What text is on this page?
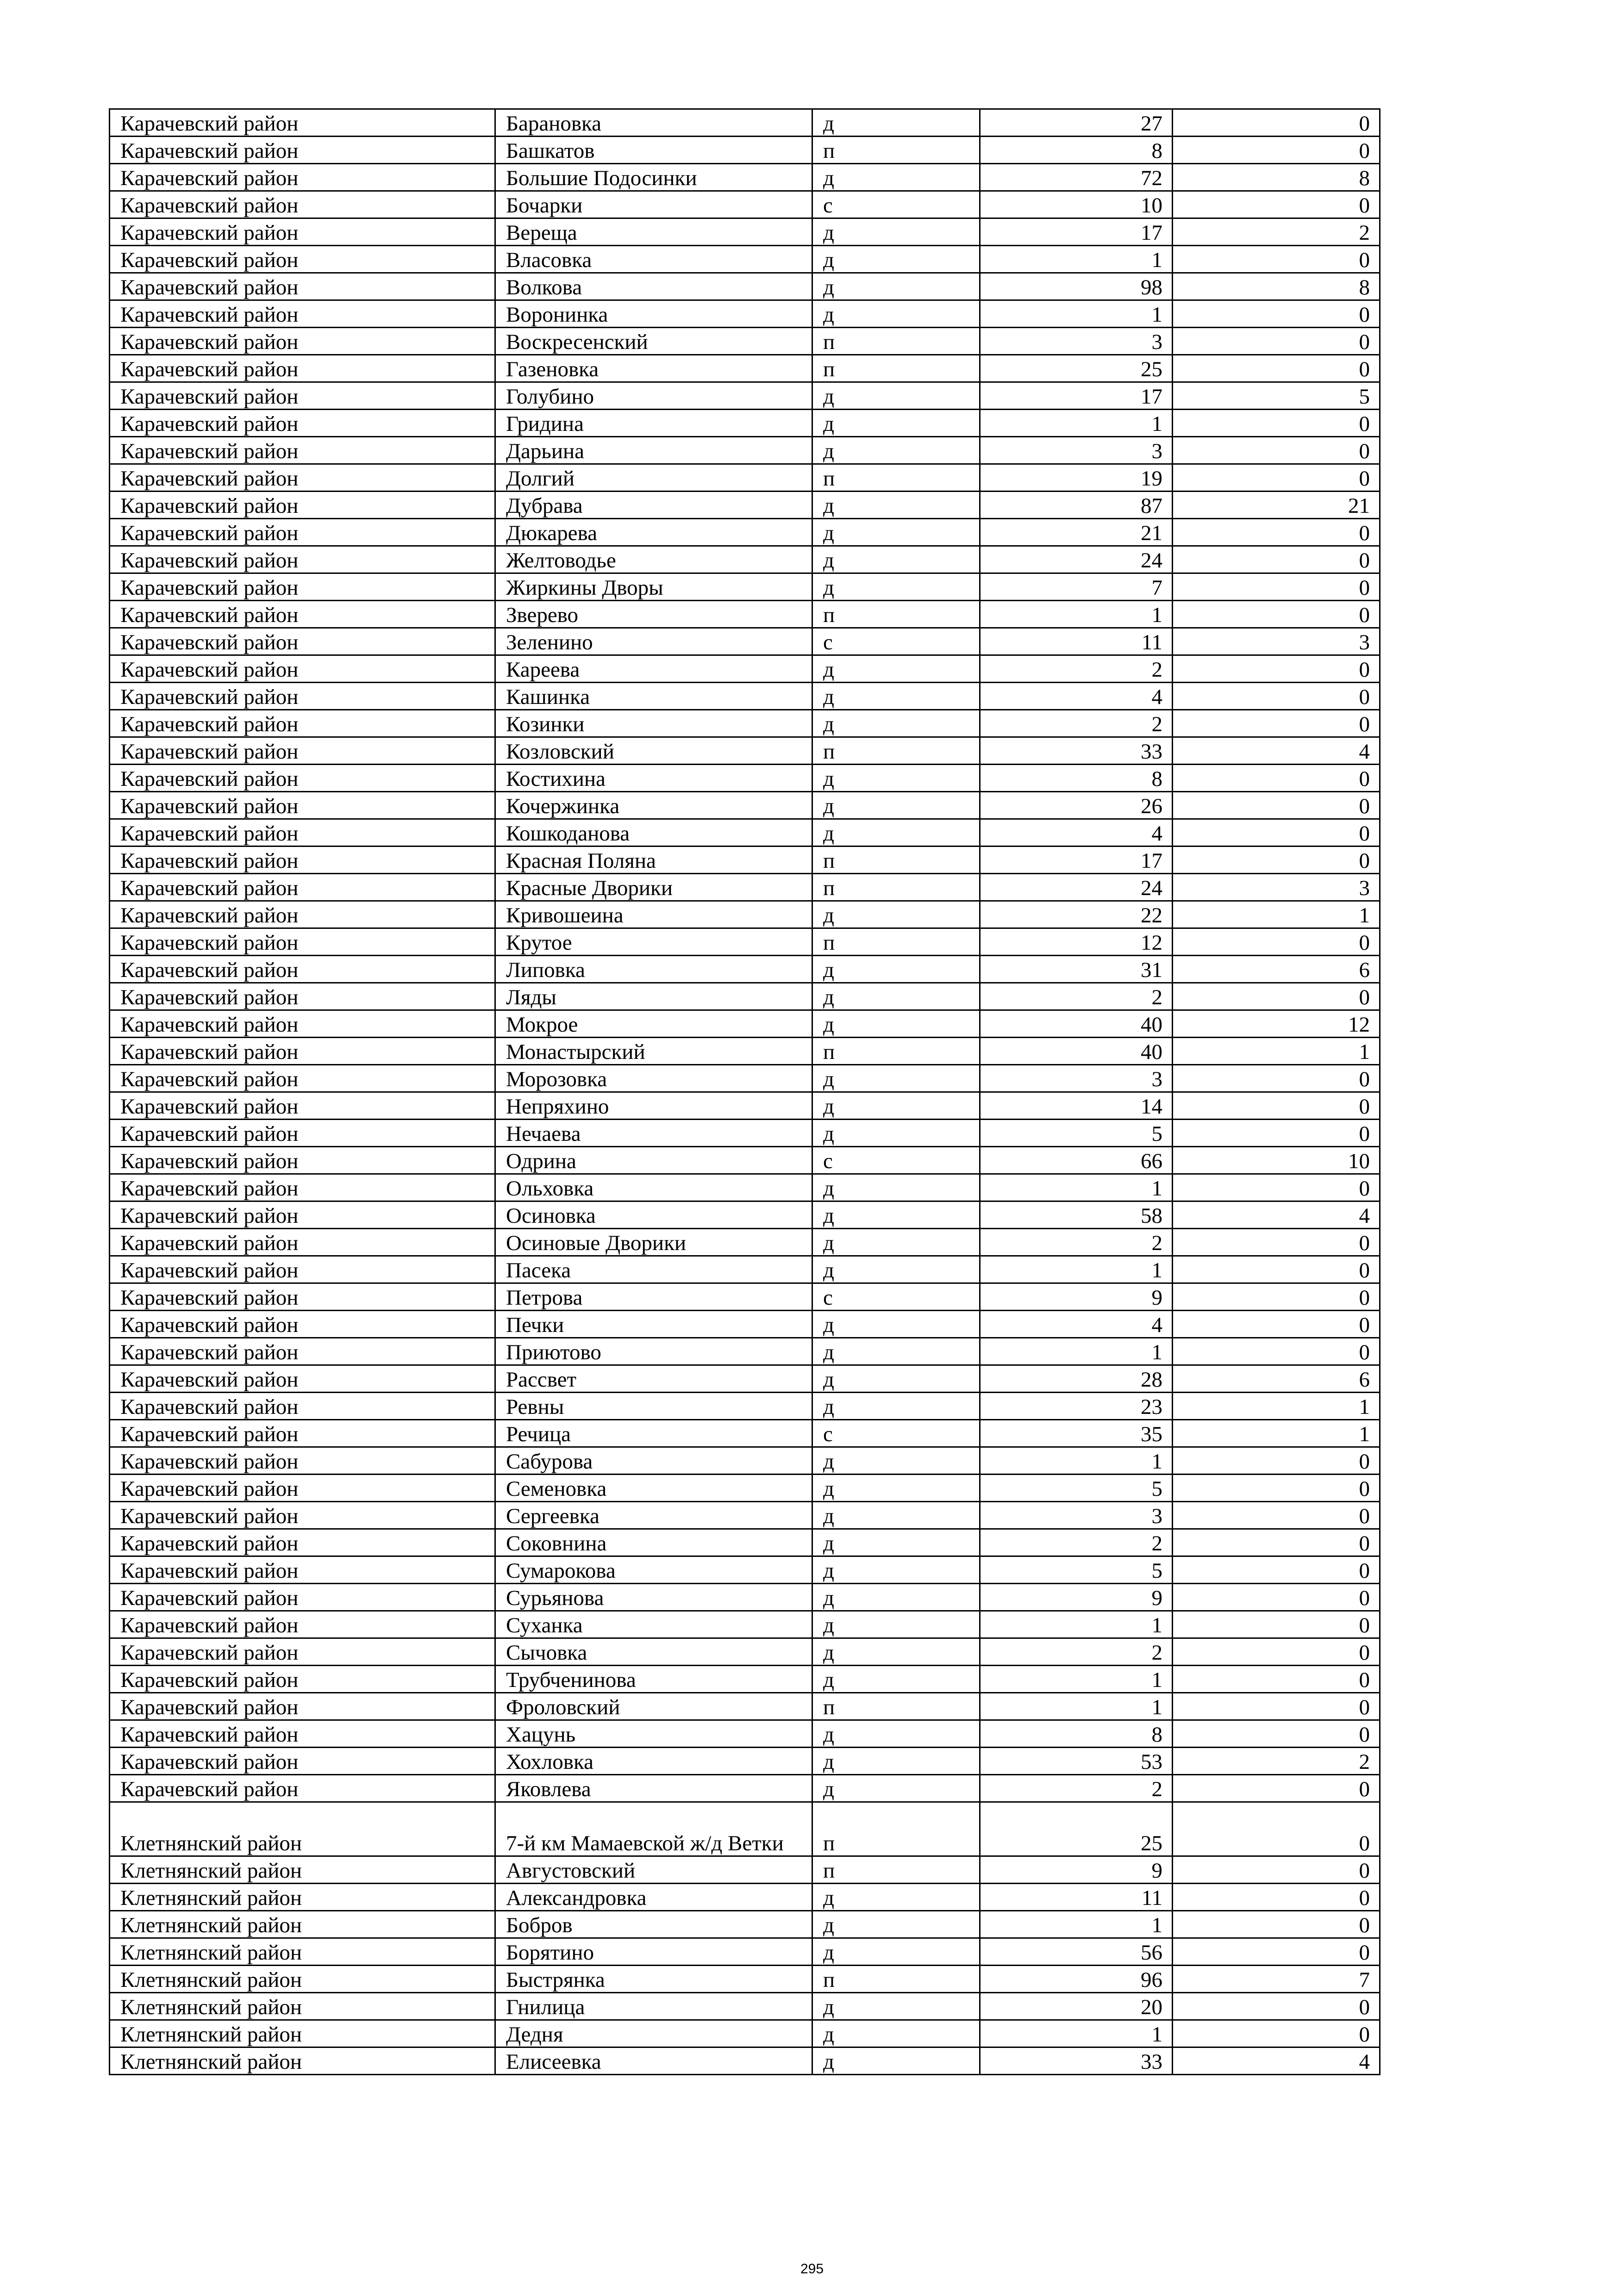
Карачевский район	Барановка	д	27	0
Карачевский район	Башкатов	п	8	0
Карачевский район	Большие Подосинки	д	72	8
Карачевский район	Бочарки	с	10	0
Карачевский район	Вереща	д	17	2
Карачевский район	Власовка	д	1	0
Карачевский район	Волкова	д	98	8
Карачевский район	Воронинка	д	1	0
Карачевский район	Воскресенский	п	3	0
Карачевский район	Газеновка	п	25	0
Карачевский район	Голубино	д	17	5
Карачевский район	Гридина	д	1	0
Карачевский район	Дарьина	д	3	0
Карачевский район	Долгий	п	19	0
Карачевский район	Дубрава	д	87	21
Карачевский район	Дюкарева	д	21	0
Карачевский район	Желтоводье	д	24	0
Карачевский район	Жиркины Дворы	д	7	0
Карачевский район	Зверево	п	1	0
Карачевский район	Зеленино	с	11	3
Карачевский район	Кареева	д	2	0
Карачевский район	Кашинка	д	4	0
Карачевский район	Козинки	д	2	0
Карачевский район	Козловский	п	33	4
Карачевский район	Костихина	д	8	0
Карачевский район	Кочержинка	д	26	0
Карачевский район	Кошкоданова	д	4	0
Карачевский район	Красная Поляна	п	17	0
Карачевский район	Красные Дворики	п	24	3
Карачевский район	Кривошеина	д	22	1
Карачевский район	Крутое	п	12	0
Карачевский район	Липовка	д	31	6
Карачевский район	Ляды	д	2	0
Карачевский район	Мокрое	д	40	12
Карачевский район	Монастырский	п	40	1
Карачевский район	Морозовка	д	3	0
Карачевский район	Непряхино	д	14	0
Карачевский район	Нечаева	д	5	0
Карачевский район	Одрина	с	66	10
Карачевский район	Ольховка	д	1	0
Карачевский район	Осиновка	д	58	4
Карачевский район	Осиновые Дворики	д	2	0
Карачевский район	Пасека	д	1	0
Карачевский район	Петрова	с	9	0
Карачевский район	Печки	д	4	0
Карачевский район	Приютово	д	1	0
Карачевский район	Рассвет	д	28	6
Карачевский район	Ревны	д	23	1
Карачевский район	Речица	с	35	1
Карачевский район	Сабурова	д	1	0
Карачевский район	Семеновка	д	5	0
Карачевский район	Сергеевка	д	3	0
Карачевский район	Соковнина	д	2	0
Карачевский район	Сумарокова	д	5	0
Карачевский район	Сурьянова	д	9	0
Карачевский район	Суханка	д	1	0
Карачевский район	Сычовка	д	2	0
Карачевский район	Трубченинова	д	1	0
Карачевский район	Фроловский	п	1	0
Карачевский район	Хацунь	д	8	0
Карачевский район	Хохловка	д	53	2
Карачевский район	Яковлева	д	2	0
Клетнянский район	7-й км Мамаевской ж/д Ветки	п	25	0
Клетнянский район	Августовский	п	9	0
Клетнянский район	Александровка	д	11	0
Клетнянский район	Бобров	д	1	0
Клетнянский район	Борятино	д	56	0
Клетнянский район	Быстрянка	п	96	7
Клетнянский район	Гнилица	д	20	0
Клетнянский район	Дедня	д	1	0
Клетнянский район	Елисеевка	д	33	4
295
